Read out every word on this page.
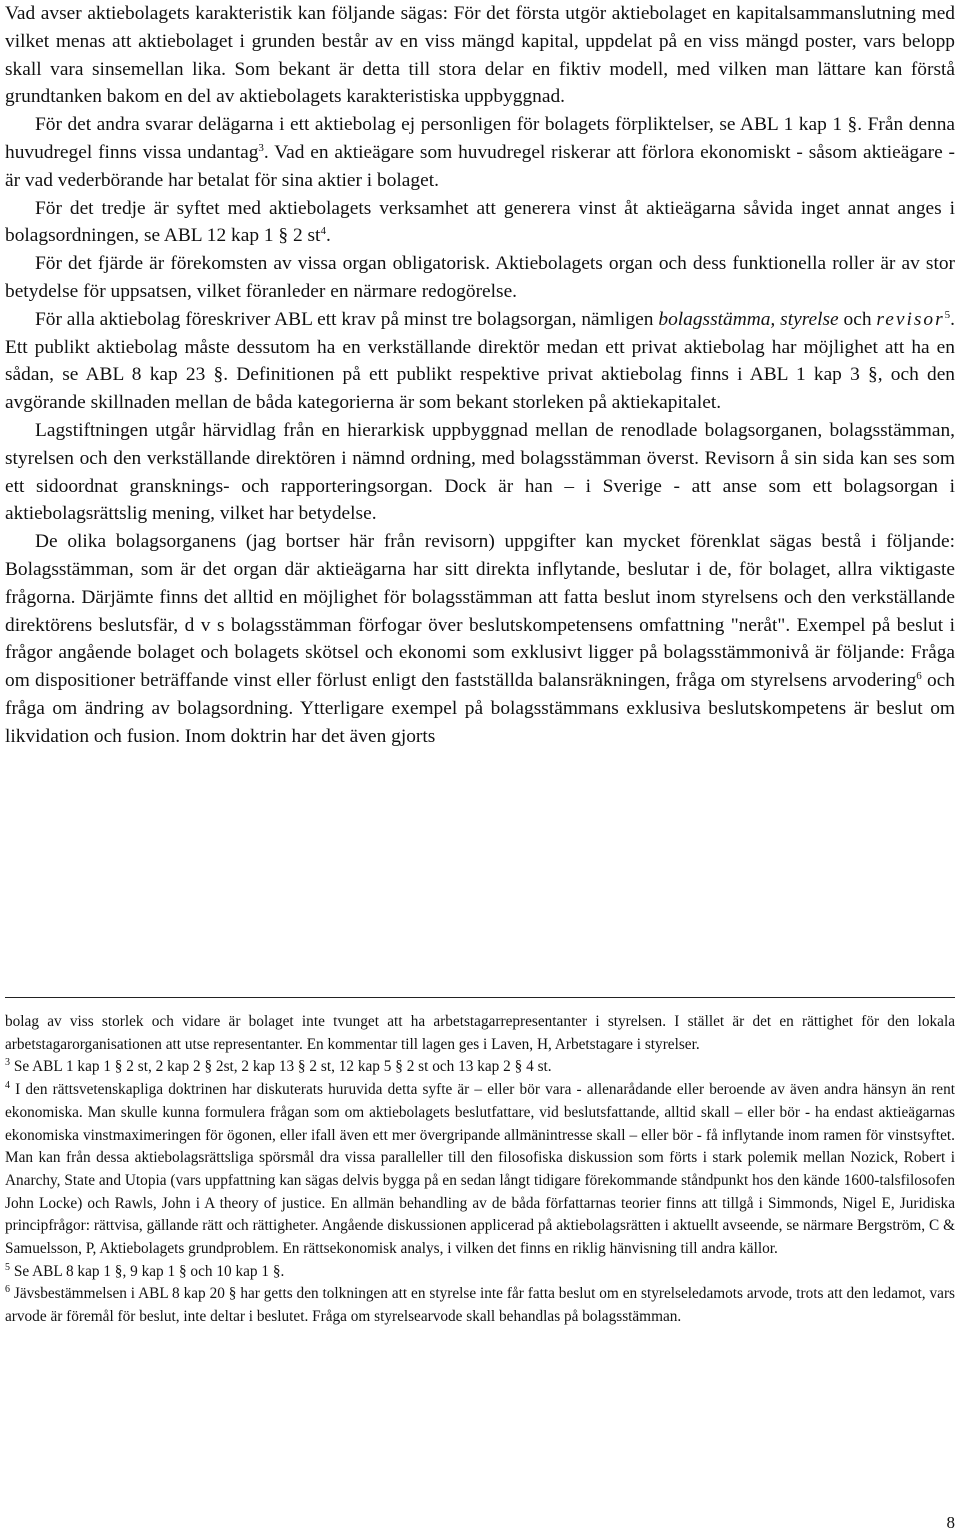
Vad avser aktiebolagets karakteristik kan följande sägas: För det första utgör aktiebolaget en kapitalsammanslutning med vilket menas att aktiebolaget i grunden består av en viss mängd kapital, uppdelat på en viss mängd poster, vars belopp skall vara sinsemellan lika. Som bekant är detta till stora delar en fiktiv modell, med vilken man lättare kan förstå grundtanken bakom en del av aktiebolagets karakteristiska uppbyggnad.

För det andra svarar delägarna i ett aktiebolag ej personligen för bolagets förpliktelser, se ABL 1 kap 1 §. Från denna huvudregel finns vissa undantag$^3$. Vad en aktieägare som huvudregel riskerar att förlora ekonomiskt - såsom aktieägare - är vad vederbörande har betalat för sina aktier i bolaget.

För det tredje är syftet med aktiebolagets verksamhet att generera vinst åt aktieägarna såvida inget annat anges i bolagsordningen, se ABL 12 kap 1 § 2 $st^4$.

För det fjärde är förekomsten av vissa organ obligatorisk. Aktiebolagets organ och dess funktionella roller är av stor betydelse för uppsatsen, vilket föranleder en närmare redogörelse.

För alla aktiebolag föreskriver ABL ett krav på minst tre bolagsorgan, nämligen bolagsstämma, styrelse och revisor$^5$. Ett publikt aktiebolag måste dessutom ha en verkställande direktör medan ett privat aktiebolag har möjlighet att ha en sådan, se ABL 8 kap 23 §. Definitionen på ett publikt respektive privat aktiebolag finns i ABL 1 kap 3 §, och den avgörande skillnaden mellan de båda kategorierna är som bekant storleken på aktiekapitalet.

Lagstiftningen utgår härvidlag från en hierarkisk uppbyggnad mellan de renodlade bolagsorganen, bolagsstämman, styrelsen och den verkställande direktören i nämnd ordning, med bolagsstämman överst. Revisorn å sin sida kan ses som ett sidoordnat gransknings- och rapporteringsorgan. Dock är han – i Sverige - att anse som ett bolagsorgan i aktiebolagsrättslig mening, vilket har betydelse.

De olika bolagsorganens (jag bortser här från revisorn) uppgifter kan mycket förenklat sägas bestå i följande: Bolagsstämman, som är det organ där aktieägarna har sitt direkta inflytande, beslutar i de, för bolaget, allra viktigaste frågorna. Därjämte finns det alltid en möjlighet för bolagsstämman att fatta beslut inom styrelsens och den verkställande direktörens beslutsfär, d v s bolagsstämman förfogar över beslutskompetensens omfattning "neråt". Exempel på beslut i frågor angående bolaget och bolagets skötsel och ekonomi som exklusivt ligger på bolagsstämmonivå är följande: Fråga om dispositioner beträffande vinst eller förlust enligt den fastställda balansräkningen, fråga om styrelsens arvodering$^6$ och fråga om ändring av bolagsordning. Ytterligare exempel på bolagsstämmans exklusiva beslutskompetens är beslut om likvidation och fusion. Inom doktrin har det även gjorts

bolag av viss storlek och vidare är bolaget inte tvunget att ha arbetstagarrepresentanter i styrelsen. I stället är det en rättighet för den lokala arbetstagarorganisationen att utse representanter. En kommentar till lagen ges i Laven, H, Arbetstagare i styrelser.

$^3$ Se ABL 1 kap 1 § 2 st, 2 kap 2 § 2st, 2 kap 13 § 2 st, 12 kap 5 § 2 st och 13 kap 2 § 4 st.

$^4$ I den rättsvetenskapliga doktrinen har diskuterats huruvida detta syfte är – eller bör vara - allenarådande eller beroende av även andra hänsyn än rent ekonomiska. Man skulle kunna formulera frågan som om aktiebolagets beslutfattare, vid beslutsfattande, alltid skall – eller bör - ha endast aktieägarnas ekonomiska vinstmaximeringen för ögonen, eller ifall även ett mer övergripande allmänintresse skall – eller bör - få inflytande inom ramen för vinstsyftet. Man kan från dessa aktiebolagsrättsliga spörsmål dra vissa paralleller till den filosofiska diskussion som förts i stark polemik mellan Nozick, Robert i Anarchy, State and Utopia (vars uppfattning kan sägas delvis bygga på en sedan långt tidigare förekommande ståndpunkt hos den kände 1600-talsfilosofen John Locke) och Rawls, John i A theory of justice. En allmän behandling av de båda författarnas teorier finns att tillgå i Simmonds, Nigel E, Juridiska principfrågor: rättvisa, gällande rätt och rättigheter. Angående diskussionen applicerad på aktiebolagsrätten i aktuellt avseende, se närmare Bergström, C & Samuelsson, P, Aktiebolagets grundproblem. En rättsekonomisk analys, i vilken det finns en riklig hänvisning till andra källor.

$^5$ Se ABL 8 kap 1 §, 9 kap 1 § och 10 kap 1 §.

$^6$ Jävsbestämmelsen i ABL 8 kap 20 § har getts den tolkningen att en styrelse inte får fatta beslut om en styrelseledamots arvode, trots att den ledamot, vars arvode är föremål för beslut, inte deltar i beslutet. Fråga om styrelsearvode skall behandlas på bolagsstämman.

8
